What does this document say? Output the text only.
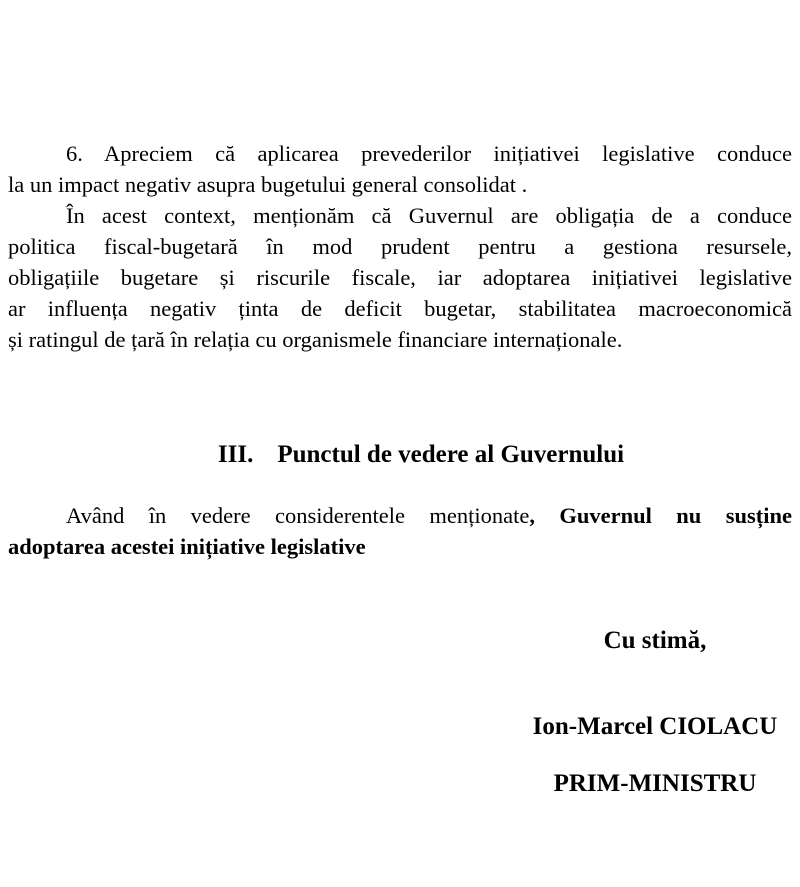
6. Apreciem că aplicarea prevederilor inițiativei legislative conduce
la un impact negativ asupra bugetului general consolidat .
În acest context, menționăm că Guvernul are obligația de a conduce
politica fiscal-bugetară în mod prudent pentru a gestiona resursele,
obligațiile bugetare și riscurile fiscale, iar adoptarea inițiativei legislative
ar influența negativ ținta de deficit bugetar, stabilitatea macroeconomică
și ratingul de țară în relația cu organismele financiare internaționale.
III. Punctul de vedere al Guvernului
Având în vedere considerentele menționate, Guvernul nu susține
adoptarea acestei inițiative legislative
Cu stimă,
Ion-Marcel CIOLACU
PRIM-MINISTRU
